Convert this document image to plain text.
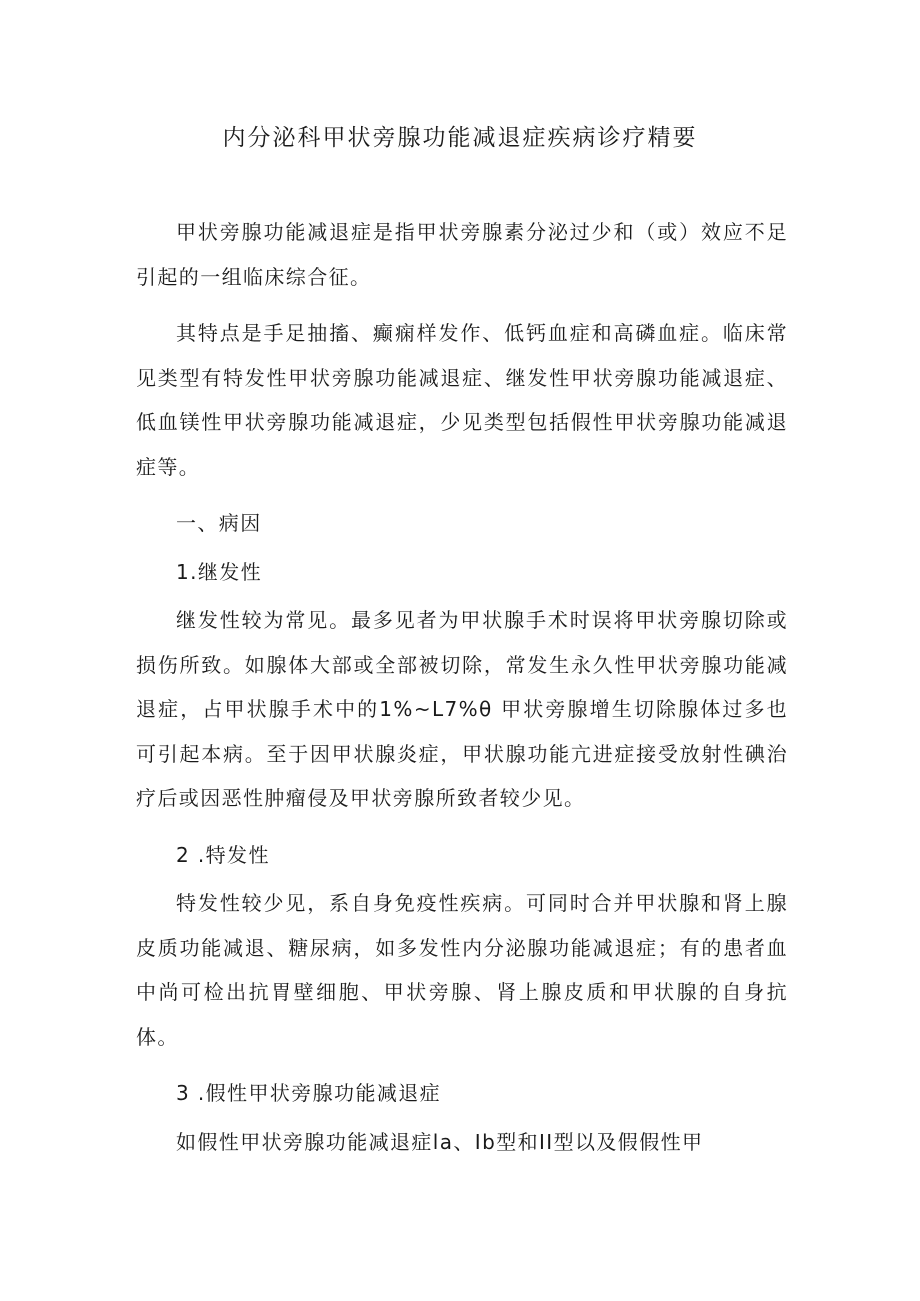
内分泌科甲状旁腺功能减退症疾病诊疗精要

甲状旁腺功能减退症是指甲状旁腺素分泌过少和（或）效应不足引起的一组临床综合征。

其特点是手足抽搐、癫痫样发作、低钙血症和高磷血症。临床常见类型有特发性甲状旁腺功能减退症、继发性甲状旁腺功能减退症、低血镁性甲状旁腺功能减退症，少见类型包括假性甲状旁腺功能减退症等。

一、病因

1.继发性

继发性较为常见。最多见者为甲状腺手术时误将甲状旁腺切除或损伤所致。如腺体大部或全部被切除，常发生永久性甲状旁腺功能减退症，占甲状腺手术中的1%~L7%θ 甲状旁腺增生切除腺体过多也可引起本病。至于因甲状腺炎症，甲状腺功能亢进症接受放射性碘治疗后或因恶性肿瘤侵及甲状旁腺所致者较少见。

2 .特发性

特发性较少见，系自身免疫性疾病。可同时合并甲状腺和肾上腺皮质功能减退、糖尿病，如多发性内分泌腺功能减退症；有的患者血中尚可检出抗胃壁细胞、甲状旁腺、肾上腺皮质和甲状腺的自身抗体。

3 .假性甲状旁腺功能减退症

如假性甲状旁腺功能减退症la、Ib型和II型以及假假性甲
